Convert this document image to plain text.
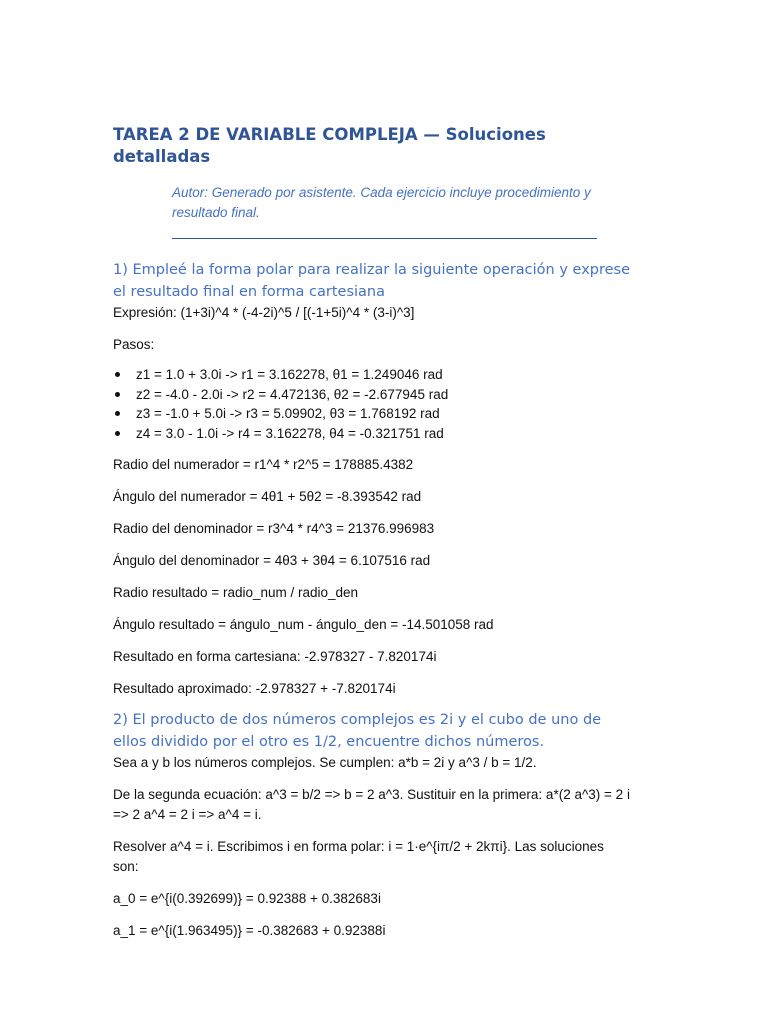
TAREA 2 DE VARIABLE COMPLEJA — Soluciones detalladas
Autor: Generado por asistente. Cada ejercicio incluye procedimiento y resultado final.
1) Empleé la forma polar para realizar la siguiente operación y exprese el resultado final en forma cartesiana

Expresión: (1+3i)^4 * (-4-2i)^5 / [(-1+5i)^4 * (3-i)^3]

Pasos:

z1 = 1.0 + 3.0i -> r1 = 3.162278, θ1 = 1.249046 rad
z2 = -4.0 - 2.0i -> r2 = 4.472136, θ2 = -2.677945 rad
z3 = -1.0 + 5.0i -> r3 = 5.09902, θ3 = 1.768192 rad
z4 = 3.0 - 1.0i -> r4 = 3.162278, θ4 = -0.321751 rad

Radio del numerador = r1^4 * r2^5 = 178885.4382

Ángulo del numerador = 4θ1 + 5θ2 = -8.393542 rad

Radio del denominador = r3^4 * r4^3 = 21376.996983

Ángulo del denominador = 4θ3 + 3θ4 = 6.107516 rad

Radio resultado = radio_num / radio_den

Ángulo resultado = ángulo_num - ángulo_den = -14.501058 rad

Resultado en forma cartesiana: -2.978327 - 7.820174i

Resultado aproximado: -2.978327 + -7.820174i

2) El producto de dos números complejos es 2i y el cubo de uno de ellos dividido por el otro es 1/2, encuentre dichos números.

Sea a y b los números complejos. Se cumplen: a*b = 2i y a^3 / b = 1/2.

De la segunda ecuación: a^3 = b/2 => b = 2 a^3. Sustituir en la primera: a*(2 a^3) = 2 i => 2 a^4 = 2 i => a^4 = i.

Resolver a^4 = i. Escribimos i en forma polar: i = 1·e^{iπ/2 + 2kπi}. Las soluciones son:

a_0 = e^{i(0.392699)} = 0.92388 + 0.382683i

a_1 = e^{i(1.963495)} = -0.382683 + 0.92388i
